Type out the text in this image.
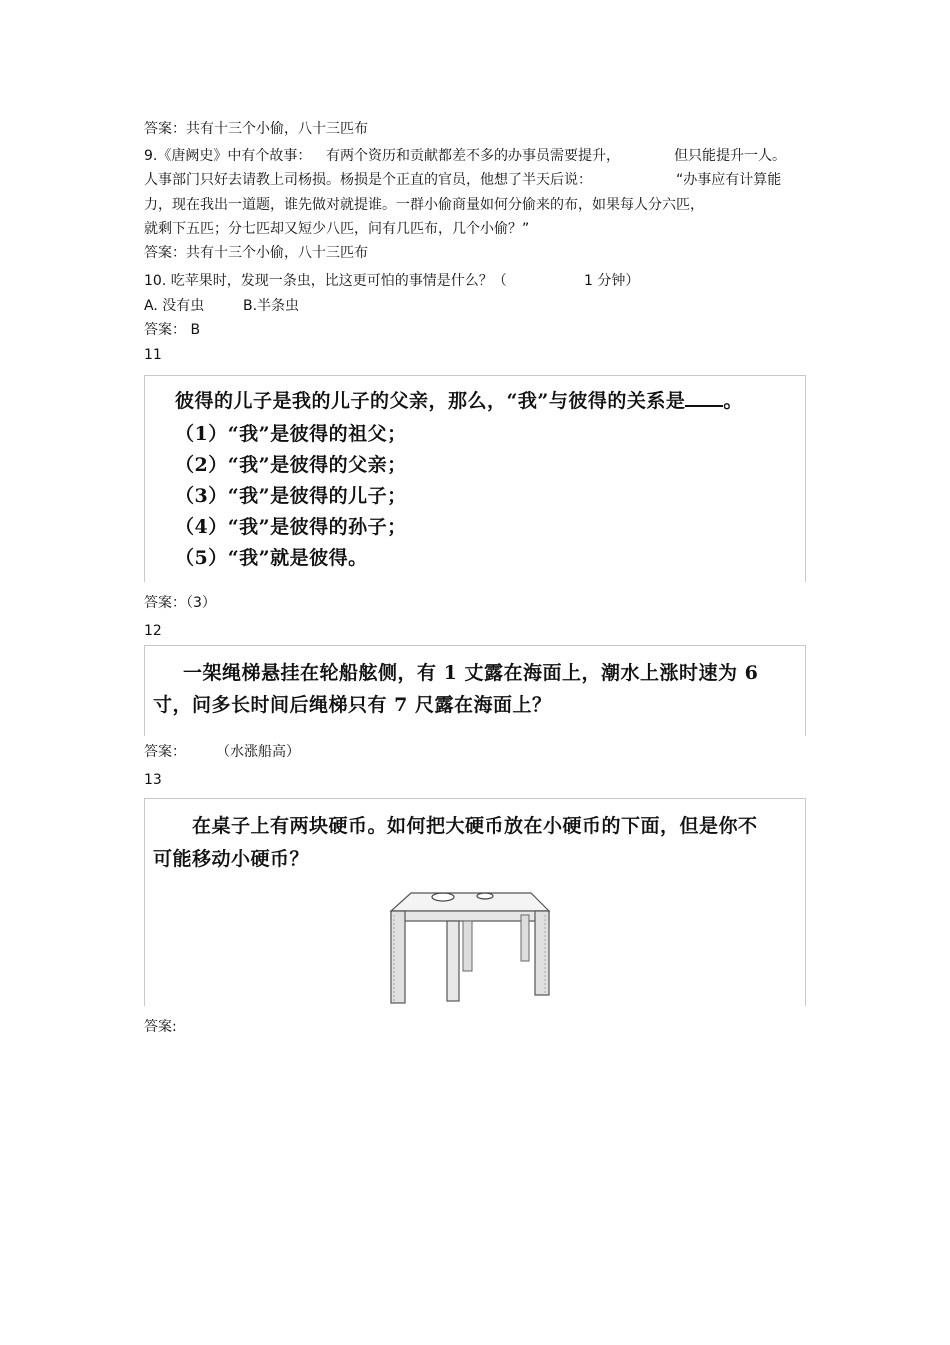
答案：共有十三个小偷，八十三匹布
9.《唐阙史》中有个故事： 有两个资历和贡献都差不多的办事员需要提升，	但只能提升一人。
人事部门只好去请教上司杨损。杨损是个正直的官员，他想了半天后说：	“办事应有计算能
力，现在我出一道题，谁先做对就提谁。一群小偷商量如何分偷来的布，如果每人分六匹，
就剩下五匹；分七匹却又短少八匹，问有几匹布，几个小偷？”
答案：共有十三个小偷，八十三匹布
10. 吃苹果时，发现一条虫，比这更可怕的事情是什么？（	1 分钟）
A. 没有虫	B.半条虫
答案： B
11
彼得的儿子是我的儿子的父亲，那么，“我”与彼得的关系是 。
（1）“我”是彼得的祖父；
（2）“我”是彼得的父亲；
（3）“我”是彼得的儿子；
（4）“我”是彼得的孙子；
（5）“我”就是彼得。
答案：（3）
12
一架绳梯悬挂在轮船舷侧，有 1 丈露在海面上，潮水上涨时速为 6
寸，问多长时间后绳梯只有 7 尺露在海面上？
答案： （水涨船高）
13
在桌子上有两块硬币。如何把大硬币放在小硬币的下面，但是你不
可能移动小硬币？
答案:
